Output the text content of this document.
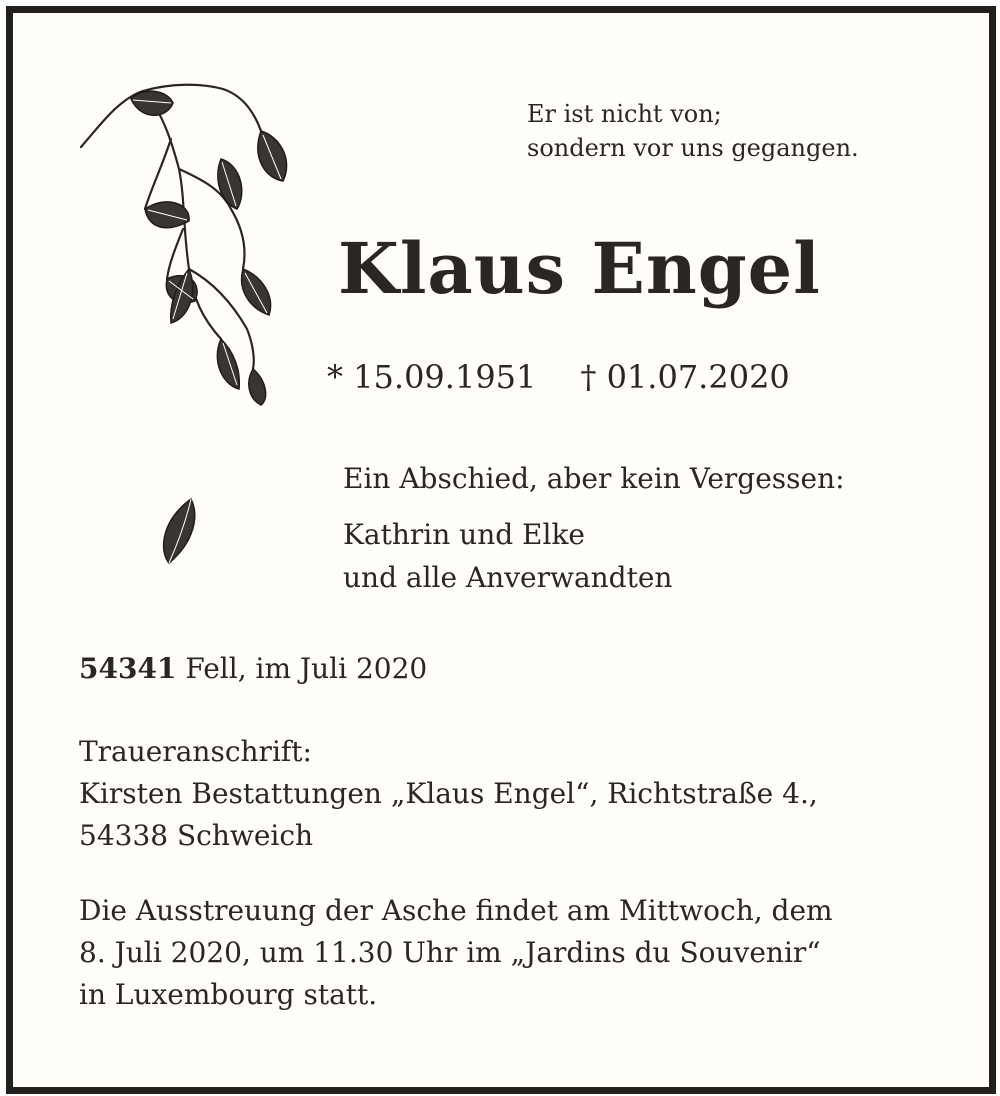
Er ist nicht von;
sondern vor uns gegangen.

Klaus Engel

* 15.09.1951 † 01.07.2020

Ein Abschied, aber kein Vergessen:

Kathrin und Elke
und alle Anverwandten

54341 Fell, im Juli 2020

Traueranschrift:
Kirsten Bestattungen „Klaus Engel“, Richtstraße 4.,
54338 Schweich

Die Ausstreuung der Asche findet am Mittwoch, dem
8. Juli 2020, um 11.30 Uhr im „Jardins du Souvenir“
in Luxembourg statt.
